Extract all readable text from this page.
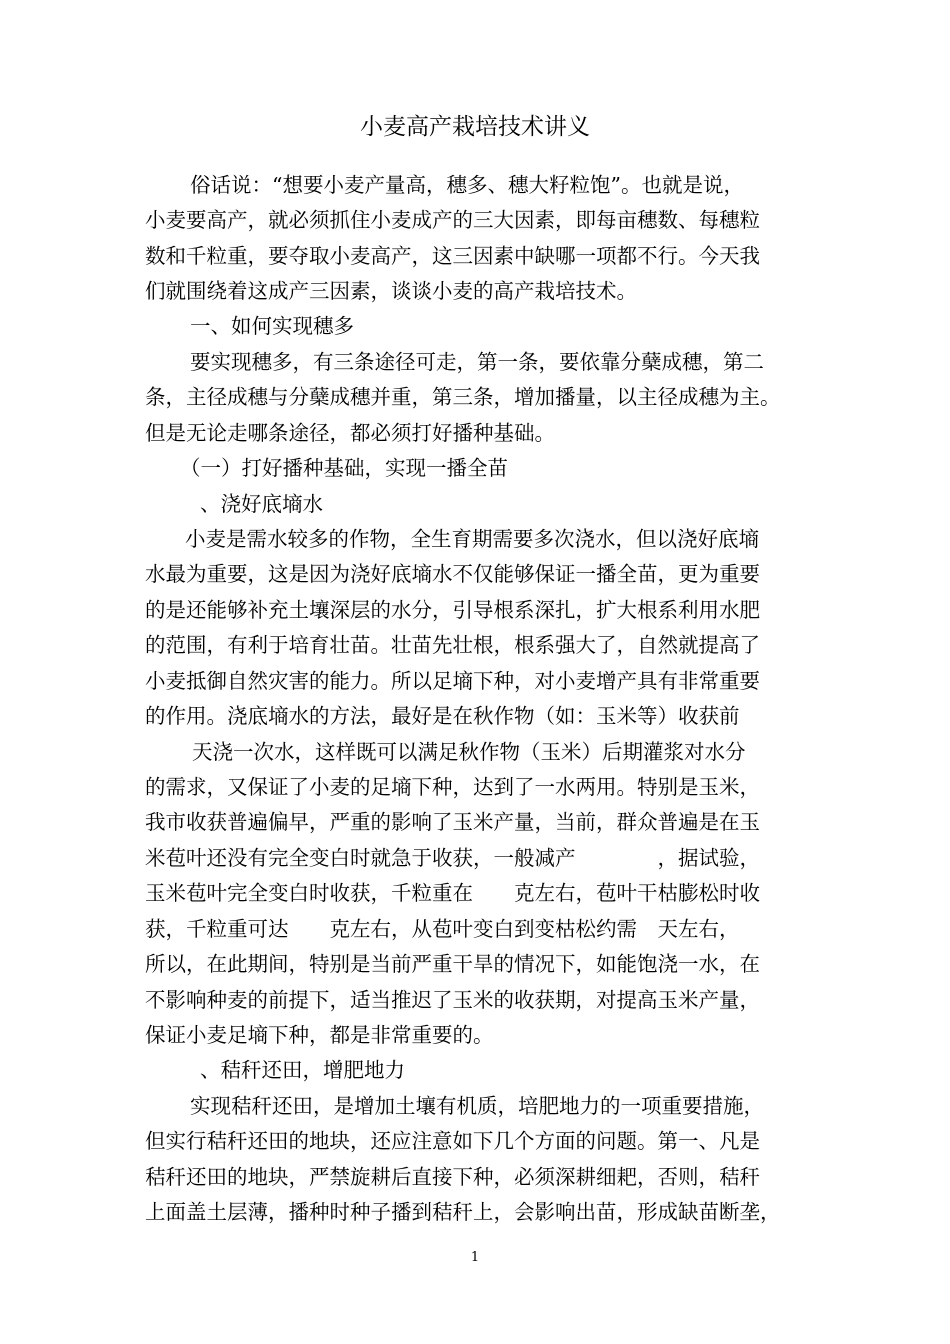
小麦高产栽培技术讲义
俗话说：“想要小麦产量高，穗多、穗大籽粒饱”。也就是说，
小麦要高产，就必须抓住小麦成产的三大因素，即每亩穗数、每穗粒
数和千粒重，要夺取小麦高产，这三因素中缺哪一项都不行。今天我
们就围绕着这成产三因素，谈谈小麦的高产栽培技术。
一、如何实现穗多
要实现穗多，有三条途径可走，第一条，要依靠分蘖成穗，第二
条，主径成穗与分蘖成穗并重，第三条，增加播量，以主径成穗为主。
但是无论走哪条途径，都必须打好播种基础。
（一）打好播种基础，实现一播全苗
、浇好底墒水
小麦是需水较多的作物，全生育期需要多次浇水，但以浇好底墒
水最为重要，这是因为浇好底墒水不仅能够保证一播全苗，更为重要
的是还能够补充土壤深层的水分，引导根系深扎，扩大根系利用水肥
的范围，有利于培育壮苗。壮苗先壮根，根系强大了，自然就提高了
小麦抵御自然灾害的能力。所以足墒下种，对小麦增产具有非常重要
的作用。浇底墒水的方法，最好是在秋作物（如：玉米等）收获前
天浇一次水，这样既可以满足秋作物（玉米）后期灌浆对水分
的需求，又保证了小麦的足墒下种，达到了一水两用。特别是玉米，
我市收获普遍偏早，严重的影响了玉米产量，当前，群众普遍是在玉
米苞叶还没有完全变白时就急于收获，一般减产　　　　，据试验，
玉米苞叶完全变白时收获，千粒重在　　克左右，苞叶干枯膨松时收
获，千粒重可达　　克左右，从苞叶变白到变枯松约需　天左右，
所以，在此期间，特别是当前严重干旱的情况下，如能饱浇一水，在
不影响种麦的前提下，适当推迟了玉米的收获期，对提高玉米产量，
保证小麦足墒下种，都是非常重要的。
、秸秆还田，增肥地力
实现秸秆还田，是增加土壤有机质，培肥地力的一项重要措施，
但实行秸秆还田的地块，还应注意如下几个方面的问题。第一、凡是
秸秆还田的地块，严禁旋耕后直接下种，必须深耕细耙，否则，秸秆
上面盖土层薄，播种时种子播到秸秆上，会影响出苗，形成缺苗断垄，
1
